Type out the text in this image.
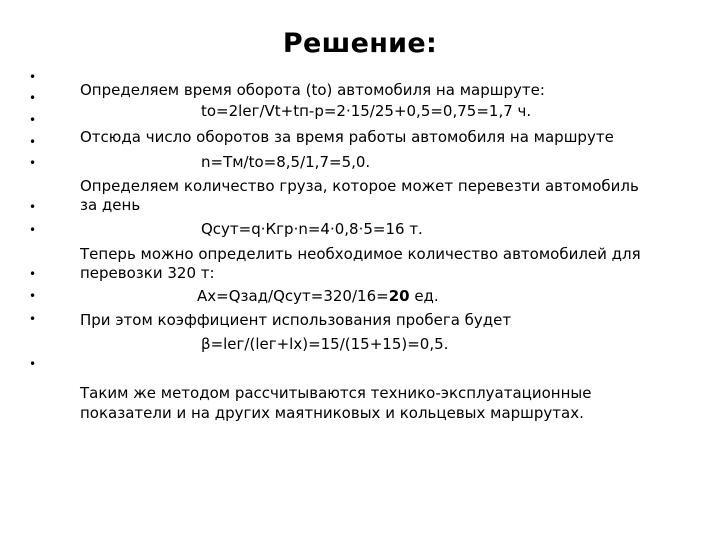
Решение:
•
•
•
•
•
•
•
•
•
•
•
Определяем время оборота (to) автомобиля на маршруте:
to=2lег/Vt+tп-р=2·15/25+0,5=0,75=1,7 ч.
Отсюда число оборотов за время работы автомобиля на маршруте
n=Tм/to=8,5/1,7=5,0.
Определяем количество груза, которое может перевезти автомобиль
за день
Qсут=q·Кгр·n=4·0,8·5=16 т.
Теперь можно определить необходимое количество автомобилей для
перевозки 320 т:
Aх=Qзад/Qсут=320/16=20 ед.
При этом коэффициент использования пробега будет
β=lег/(lег+lх)=15/(15+15)=0,5.
Таким же методом рассчитываются технико-эксплуатационные
показатели и на других маятниковых и кольцевых маршрутах.
